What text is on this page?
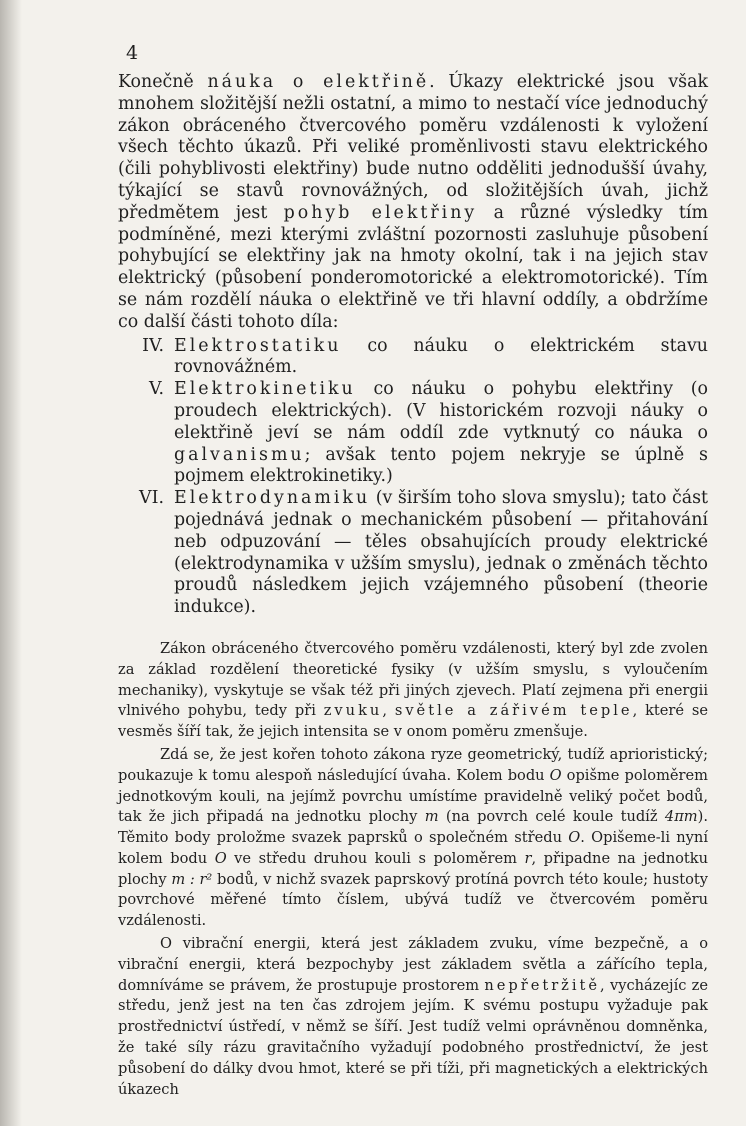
4

Konečně náuka o elektřině. Úkazy elektrické jsou však mnohem složitější nežli ostatní, a mimo to nestačí více jednoduchý zákon obráceného čtvercového poměru vzdálenosti k vyložení všech těchto úkazů. Při veliké proměnlivosti stavu elektrického (čili pohyblivosti elektřiny) bude nutno odděliti jednodušší úvahy, týkající se stavů rovnovážných, od složitějších úvah, jichž předmětem jest pohyb elektřiny a různé výsledky tím podmíněné, mezi kterými zvláštní pozornosti zasluhuje působení pohybující se elektřiny jak na hmoty okolní, tak i na jejich stav elektrický (působení ponderomotorické a elektromotorické). Tím se nám rozdělí náuka o elektřině ve tři hlavní oddíly, a obdržíme co další části tohoto díla:

IV. Elektrostatiku co náuku o elektrickém stavu rovnovážném.
V. Elektrokinetiku co náuku o pohybu elektřiny (o proudech elektrických). (V historickém rozvoji náuky o elektřině jeví se nám oddíl zde vytknutý co náuka o galvanismu; avšak tento pojem nekryje se úplně s pojmem elektrokinetiky.)
VI. Elektrodynamiku (v širším toho slova smyslu); tato část pojednává jednak o mechanickém působení — přitahování neb odpuzování — těles obsahujících proudy elektrické (elektrodynamika v užším smyslu), jednak o změnách těchto proudů následkem jejich vzájemného působení (theorie indukce).

Zákon obráceného čtvercového poměru vzdálenosti, který byl zde zvolen za základ rozdělení theoretické fysiky (v užším smyslu, s vyloučením mechaniky), vyskytuje se však též při jiných zjevech. Platí zejmena při energii vlnivého pohybu, tedy při zvuku, světle a zářivém teple, které se vesměs šíří tak, že jejich intensita se v onom poměru zmenšuje.

Zdá se, že jest kořen tohoto zákona ryze geometrický, tudíž aprioristický; poukazuje k tomu alespoň následující úvaha. Kolem bodu O opišme poloměrem jednotkovým kouli, na jejímž povrchu umístíme pravidelně veliký počet bodů, tak že jich připadá na jednotku plochy m (na povrch celé koule tudíž 4πm). Těmito body proložme svazek paprsků o společném středu O. Opišeme-li nyní kolem bodu O ve středu druhou kouli s poloměrem r, připadne na jednotku plochy m : r² bodů, v nichž svazek paprskový protíná povrch této koule; hustoty povrchové měřené tímto číslem, ubývá tudíž ve čtvercovém poměru vzdálenosti.

O vibrační energii, která jest základem zvuku, víme bezpečně, a o vibrační energii, která bezpochyby jest základem světla a zářícího tepla, domníváme se právem, že prostupuje prostorem nepřetržitě, vycházejíc ze středu, jenž jest na ten čas zdrojem jejím. K svému postupu vyžaduje pak prostřednictví ústředí, v němž se šíří. Jest tudíž velmi oprávněnou domněnka, že také síly rázu gravitačního vyžadují podobného prostřednictví, že jest působení do dálky dvou hmot, které se při tíži, při magnetických a elektrických úkazech
